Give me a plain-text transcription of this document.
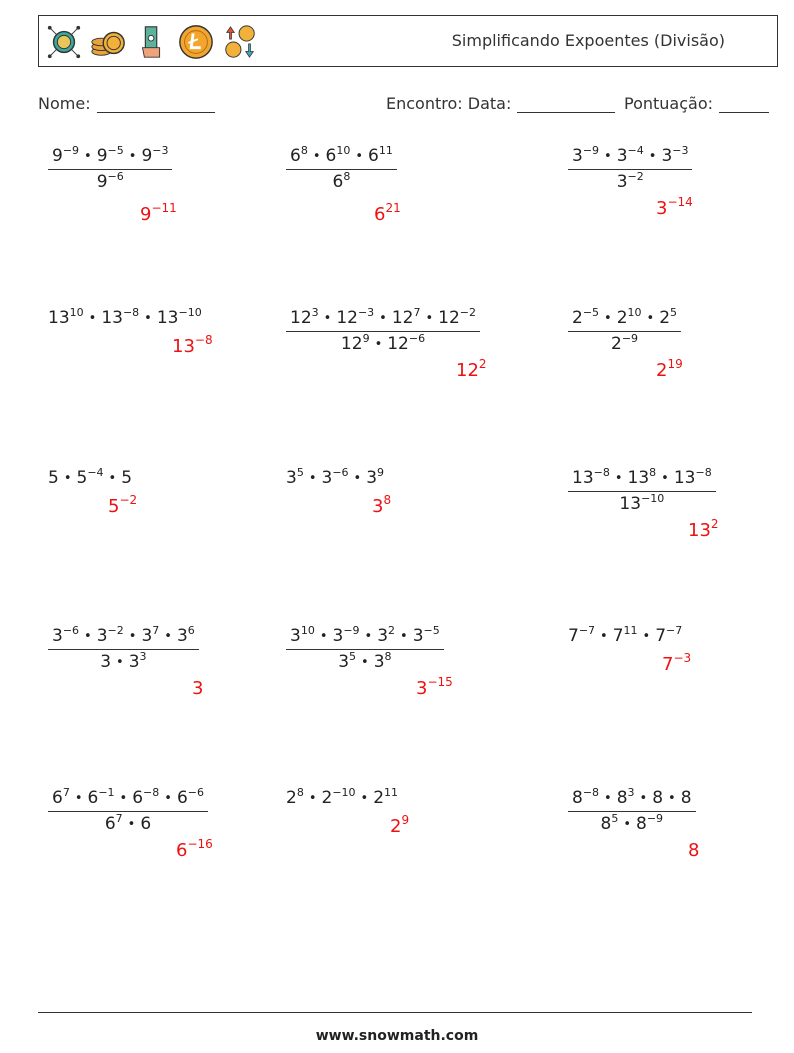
Simplificando Expoentes (Divisão)
Nome:	Encontro: Data:	Pontuação:
$\frac{9^{-9} • 9^{-5} • 9^{-3}}{9^{-6}}$
$9^{-11}$
$\frac{6^8 • 6^{10} • 6^{11}}{6^8}$
$6^{21}$
$\frac{3^{-9} • 3^{-4} • 3^{-3}}{3^{-2}}$
$3^{-14}$
$13^{10}$ • $13^{-8}$ • $13^{-10}$
$13^{-8}$	$\frac{12^3 • 12^{-3} • 12^7 • 12^{-2}}{12^9 • 12^{-6}}$
$12^2$
$\frac{2^{-5} • 2^{10} • 2^5}{2^{-9}}$
$2^{19}$
5 • $5^{-4}$ • 5
$5^{-2}$
$3^5$ • $3^{-6}$ • $3^9$
$3^8$	$\frac{13^{-8} • 13^8 • 13^{-8}}{13^{-10}}$
$13^2$
$\frac{3^{-6} • 3^{-2} • 3^7 • 3^6}{3 • 3^3}$
3
$\frac{3^{10} • 3^{-9} • 3^2 • 3^{-5}}{3^5 • 3^8}$
$3^{-15}$
$7^{-7}$ • $7^{11}$ • $7^{-7}$
$7^{-3}$
$\frac{6^7 • 6^{-1} • 6^{-8} • 6^{-6}}{6^7 • 6}$
$6^{-16}$
$2^8$ • $2^{-10}$ • $2^{11}$
$2^9$	$\frac{8^{-8} • 8^3 • 8 • 8}{8^5 • 8^{-9}}$
8
www.snowmath.com
